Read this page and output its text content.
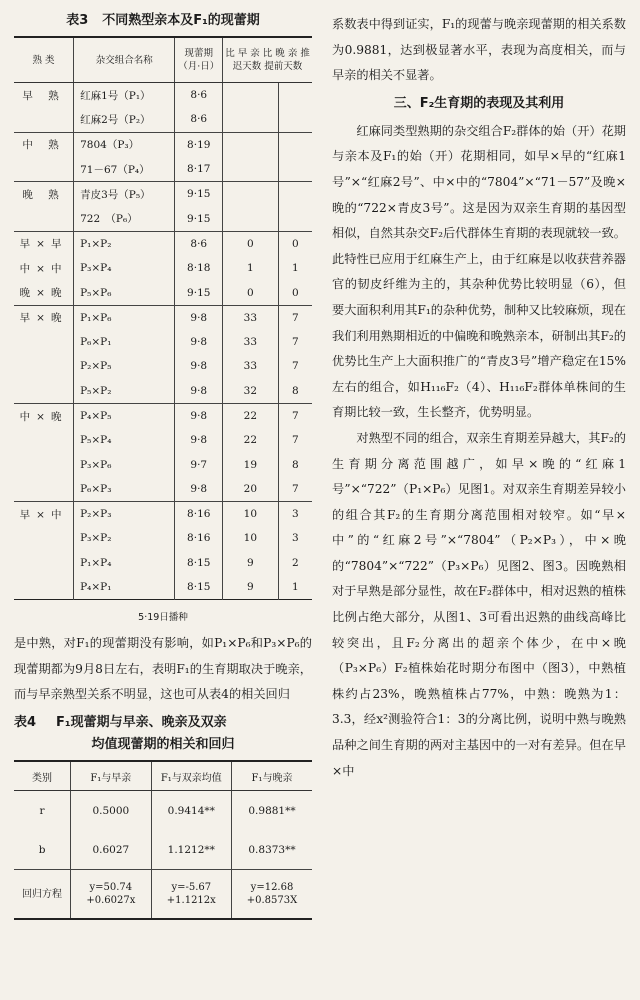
表3 不同熟型亲本及F₁的现蕾期
熟 类	杂交组合名称	现蕾期（月·日）	比 早 亲 比 晚 亲 推迟天数 提前天数	
早 熟	红麻1号（P₁）	8·6		
	红麻2号（P₂）	8·6		
中 熟	7804（P₃）	8·19		
	71－67（P₄）	8·17		
晚 熟	青皮3号（P₅）	9·15		
	722　（P₆）	9·15		
早×早	P₁×P₂	8·6	0	0
中×中	P₃×P₄	8·18	1	1
晚×晚	P₅×P₆	9·15	0	0
早×晚	P₁×P₆	9·8	33	7
	P₆×P₁	9·8	33	7
	P₂×P₅	9·8	33	7
	P₅×P₂	9·8	32	8
中×晚	P₄×P₅	9·8	22	7
	P₅×P₄	9·8	22	7
	P₃×P₆	9·7	19	8
	P₆×P₃	9·8	20	7
早×中	P₂×P₃	8·16	10	3
	P₃×P₂	8·16	10	3
	P₁×P₄	8·15	9	2
	P₄×P₁	8·15	9	1
5·19日播种

是中熟，对F₁的现蕾期没有影响，如P₁×P₆和P₃×P₆的现蕾期都为9月8日左右，表明F₁的生育期取决于晚亲，而与早亲熟型关系不明显，这也可从表4的相关回归

表4 F₁现蕾期与早亲、晚亲及双亲
均值现蕾期的相关和回归
类别	F₁与早亲	F₁与双亲均值	F₁与晚亲
r	0.5000	0.9414**	0.9881**
b	0.6027	1.1212**	0.8373**
回归方程	y=50.74 +0.6027x	y=-5.67 +1.1212x	y=12.68 +0.8573X

系数表中得到证实，F₁的现蕾与晚亲现蕾期的相关系数为0.9881，达到极显著水平，表现为高度相关，而与早亲的相关不显著。

三、F₂生育期的表现及其利用

红麻同类型熟期的杂交组合F₂群体的始（开）花期与亲本及F₁的始（开）花期相同，如早×早的“红麻1号”×“红麻2号”、中×中的“7804”×“71－57”及晚×晚的“722×青皮3号”。这是因为双亲生育期的基因型相似，自然其杂交F₂后代群体生育期的表现就较一致。此特性已应用于红麻生产上，由于红麻是以收获营养器官的韧皮纤维为主的，其杂种优势比较明显（6），但要大面积利用其F₁的杂种优势，制种又比较麻烦，现在我们利用熟期相近的中偏晚和晚熟亲本，研制出其F₂的优势比生产上大面积推广的“青皮3号”增产稳定在15%左右的组合，如H₁₁₆F₂（4）、H₁₁₆F₂群体单株间的生育期比较一致，生长整齐，优势明显。

对熟型不同的组合，双亲生育期差异越大，其F₂的生育期分离范围越广，如早×晚的“红麻1号”×“722”（P₁×P₆）见图1。对双亲生育期差异较小的组合其F₂的生育期分离范围相对较窄。如“早×中”的“红麻2号”×“7804”（P₂×P₃），中×晚的“7804”×“722”（P₃×P₆）见图2、图3。因晚熟相对于早熟是部分显性，故在F₂群体中，相对迟熟的植株比例占绝大部分，从图1、3可看出迟熟的曲线高峰比较突出，且F₂分离出的超亲个体少，在中×晚（P₃×P₆）F₂植株始花时期分布图中（图3），中熟植株约占23%，晚熟植株占77%，中熟：晚熟为1：3.3，经x²测验符合1：3的分离比例，说明中熟与晚熟品种之间生育期的两对主基因中的一对有差异。但在早×中
